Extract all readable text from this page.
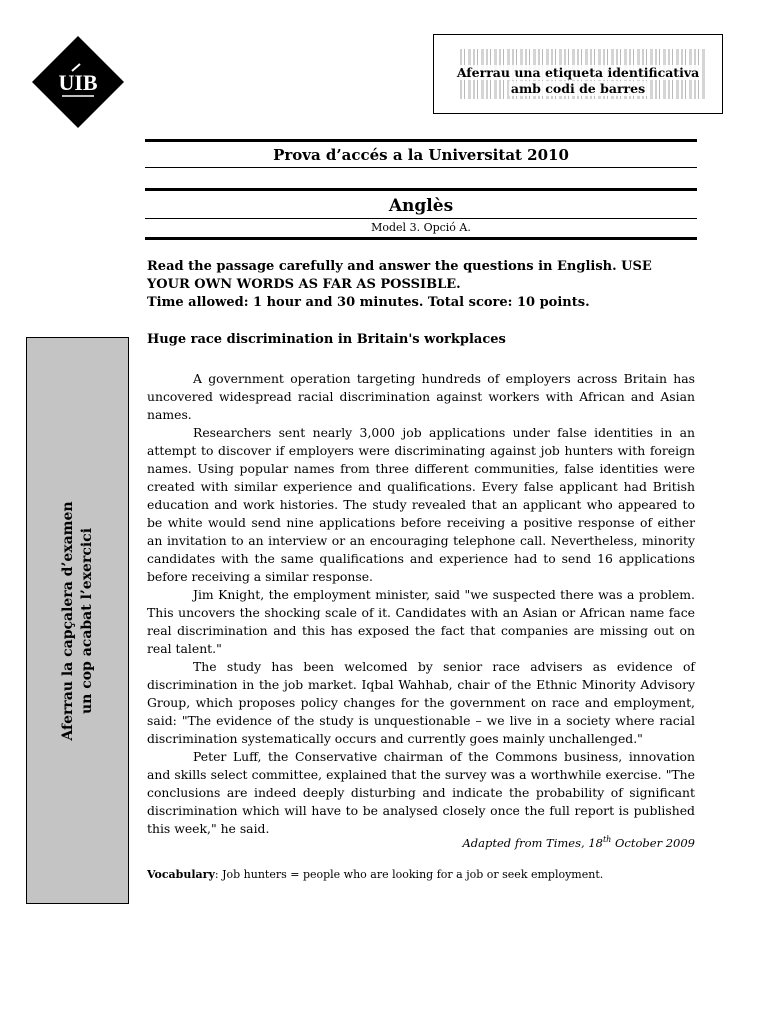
UIB	Aferrau una etiqueta identificativa
amb codi de barres
Prova d’accés a la Universitat 2010
Anglès
Model 3. Opció A.
Read the passage carefully and answer the questions in English. USE YOUR OWN WORDS AS FAR AS POSSIBLE.
Time allowed: 1 hour and 30 minutes. Total score: 10 points.
Huge race discrimination in Britain's workplaces

A government operation targeting hundreds of employers across Britain has uncovered widespread racial discrimination against workers with African and Asian names.

Researchers sent nearly 3,000 job applications under false identities in an attempt to discover if employers were discriminating against job hunters with foreign names. Using popular names from three different communities, false identities were created with similar experience and qualifications. Every false applicant had British education and work histories. The study revealed that an applicant who appeared to be white would send nine applications before receiving a positive response of either an invitation to an interview or an encouraging telephone call. Nevertheless, minority candidates with the same qualifications and experience had to send 16 applications before receiving a similar response.

Jim Knight, the employment minister, said "we suspected there was a problem. This uncovers the shocking scale of it. Candidates with an Asian or African name face real discrimination and this has exposed the fact that companies are missing out on real talent."

The study has been welcomed by senior race advisers as evidence of discrimination in the job market. Iqbal Wahhab, chair of the Ethnic Minority Advisory Group, which proposes policy changes for the government on race and employment, said: "The evidence of the study is unquestionable – we live in a society where racial discrimination systematically occurs and currently goes mainly unchallenged."

Peter Luff, the Conservative chairman of the Commons business, innovation and skills select committee, explained that the survey was a worthwhile exercise. "The conclusions are indeed deeply disturbing and indicate the probability of significant discrimination which will have to be analysed closely once the full report is published this week," he said.

Adapted from Times, 18th October 2009
Vocabulary: Job hunters = people who are looking for a job or seek employment.
Aferrau la capçalera d’examen un cop acabat l’exercici
